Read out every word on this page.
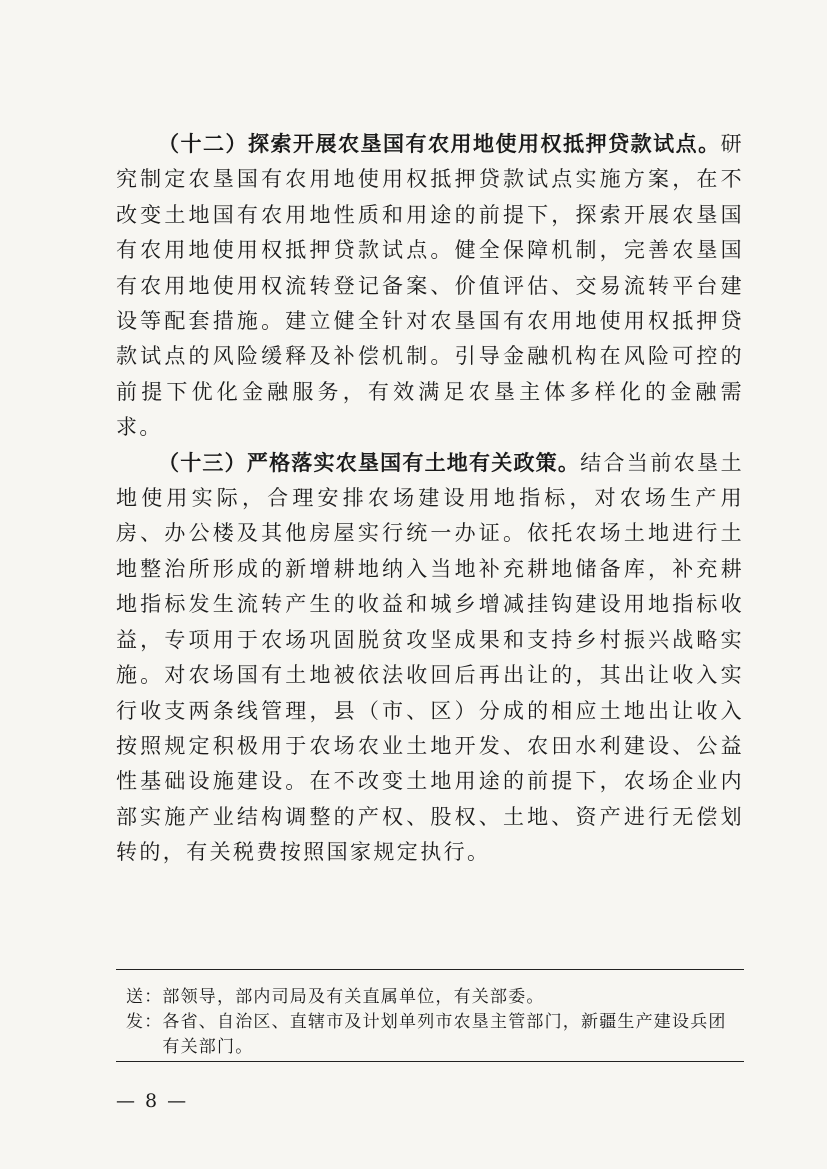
（十二）探索开展农垦国有农用地使用权抵押贷款试点。研究制定农垦国有农用地使用权抵押贷款试点实施方案，在不改变土地国有农用地性质和用途的前提下，探索开展农垦国有农用地使用权抵押贷款试点。健全保障机制，完善农垦国有农用地使用权流转登记备案、价值评估、交易流转平台建设等配套措施。建立健全针对农垦国有农用地使用权抵押贷款试点的风险缓释及补偿机制。引导金融机构在风险可控的前提下优化金融服务，有效满足农垦主体多样化的金融需求。

（十三）严格落实农垦国有土地有关政策。结合当前农垦土地使用实际，合理安排农场建设用地指标，对农场生产用房、办公楼及其他房屋实行统一办证。依托农场土地进行土地整治所形成的新增耕地纳入当地补充耕地储备库，补充耕地指标发生流转产生的收益和城乡增减挂钩建设用地指标收益，专项用于农场巩固脱贫攻坚成果和支持乡村振兴战略实施。对农场国有土地被依法收回后再出让的，其出让收入实行收支两条线管理，县（市、区）分成的相应土地出让收入按照规定积极用于农场农业土地开发、农田水利建设、公益性基础设施建设。在不改变土地用途的前提下，农场企业内部实施产业结构调整的产权、股权、土地、资产进行无偿划转的，有关税费按照国家规定执行。

送： 部领导，部内司局及有关直属单位，有关部委。
发： 各省、自治区、直辖市及计划单列市农垦主管部门，新疆生产建设兵团有关部门。
— 8 —
